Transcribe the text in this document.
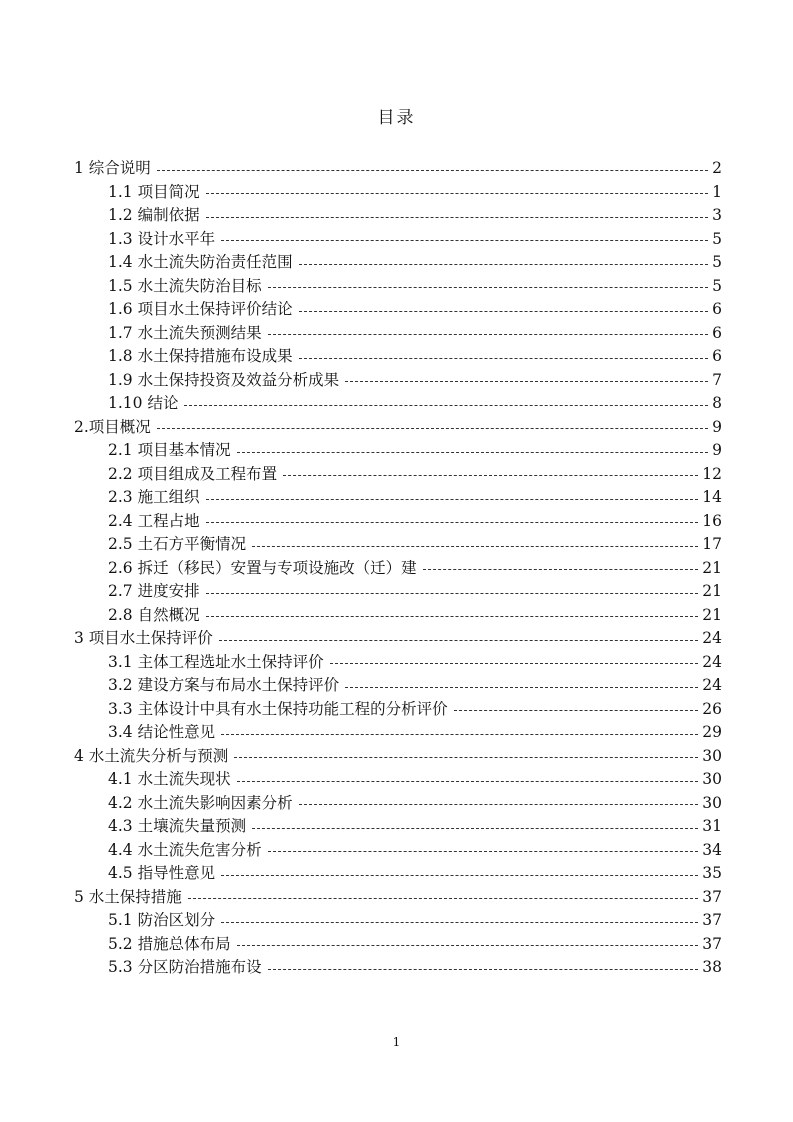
目录
1 综合说明	2
1.1 项目简况	1
1.2 编制依据	3
1.3 设计水平年	5
1.4 水土流失防治责任范围	5
1.5 水土流失防治目标	5
1.6 项目水土保持评价结论	6
1.7 水土流失预测结果	6
1.8 水土保持措施布设成果	6
1.9 水土保持投资及效益分析成果	7
1.10 结论	8
2.项目概况	9
2.1 项目基本情况	9
2.2 项目组成及工程布置	12
2.3 施工组织	14
2.4 工程占地	16
2.5 土石方平衡情况	17
2.6 拆迁（移民）安置与专项设施改（迁）建	21
2.7 进度安排	21
2.8 自然概况	21
3 项目水土保持评价	24
3.1 主体工程选址水土保持评价	24
3.2 建设方案与布局水土保持评价	24
3.3 主体设计中具有水土保持功能工程的分析评价	26
3.4 结论性意见	29
4 水土流失分析与预测	30
4.1 水土流失现状	30
4.2 水土流失影响因素分析	30
4.3 土壤流失量预测	31
4.4 水土流失危害分析	34
4.5 指导性意见	35
5 水土保持措施	37
5.1 防治区划分	37
5.2 措施总体布局	37
5.3 分区防治措施布设	38
1
